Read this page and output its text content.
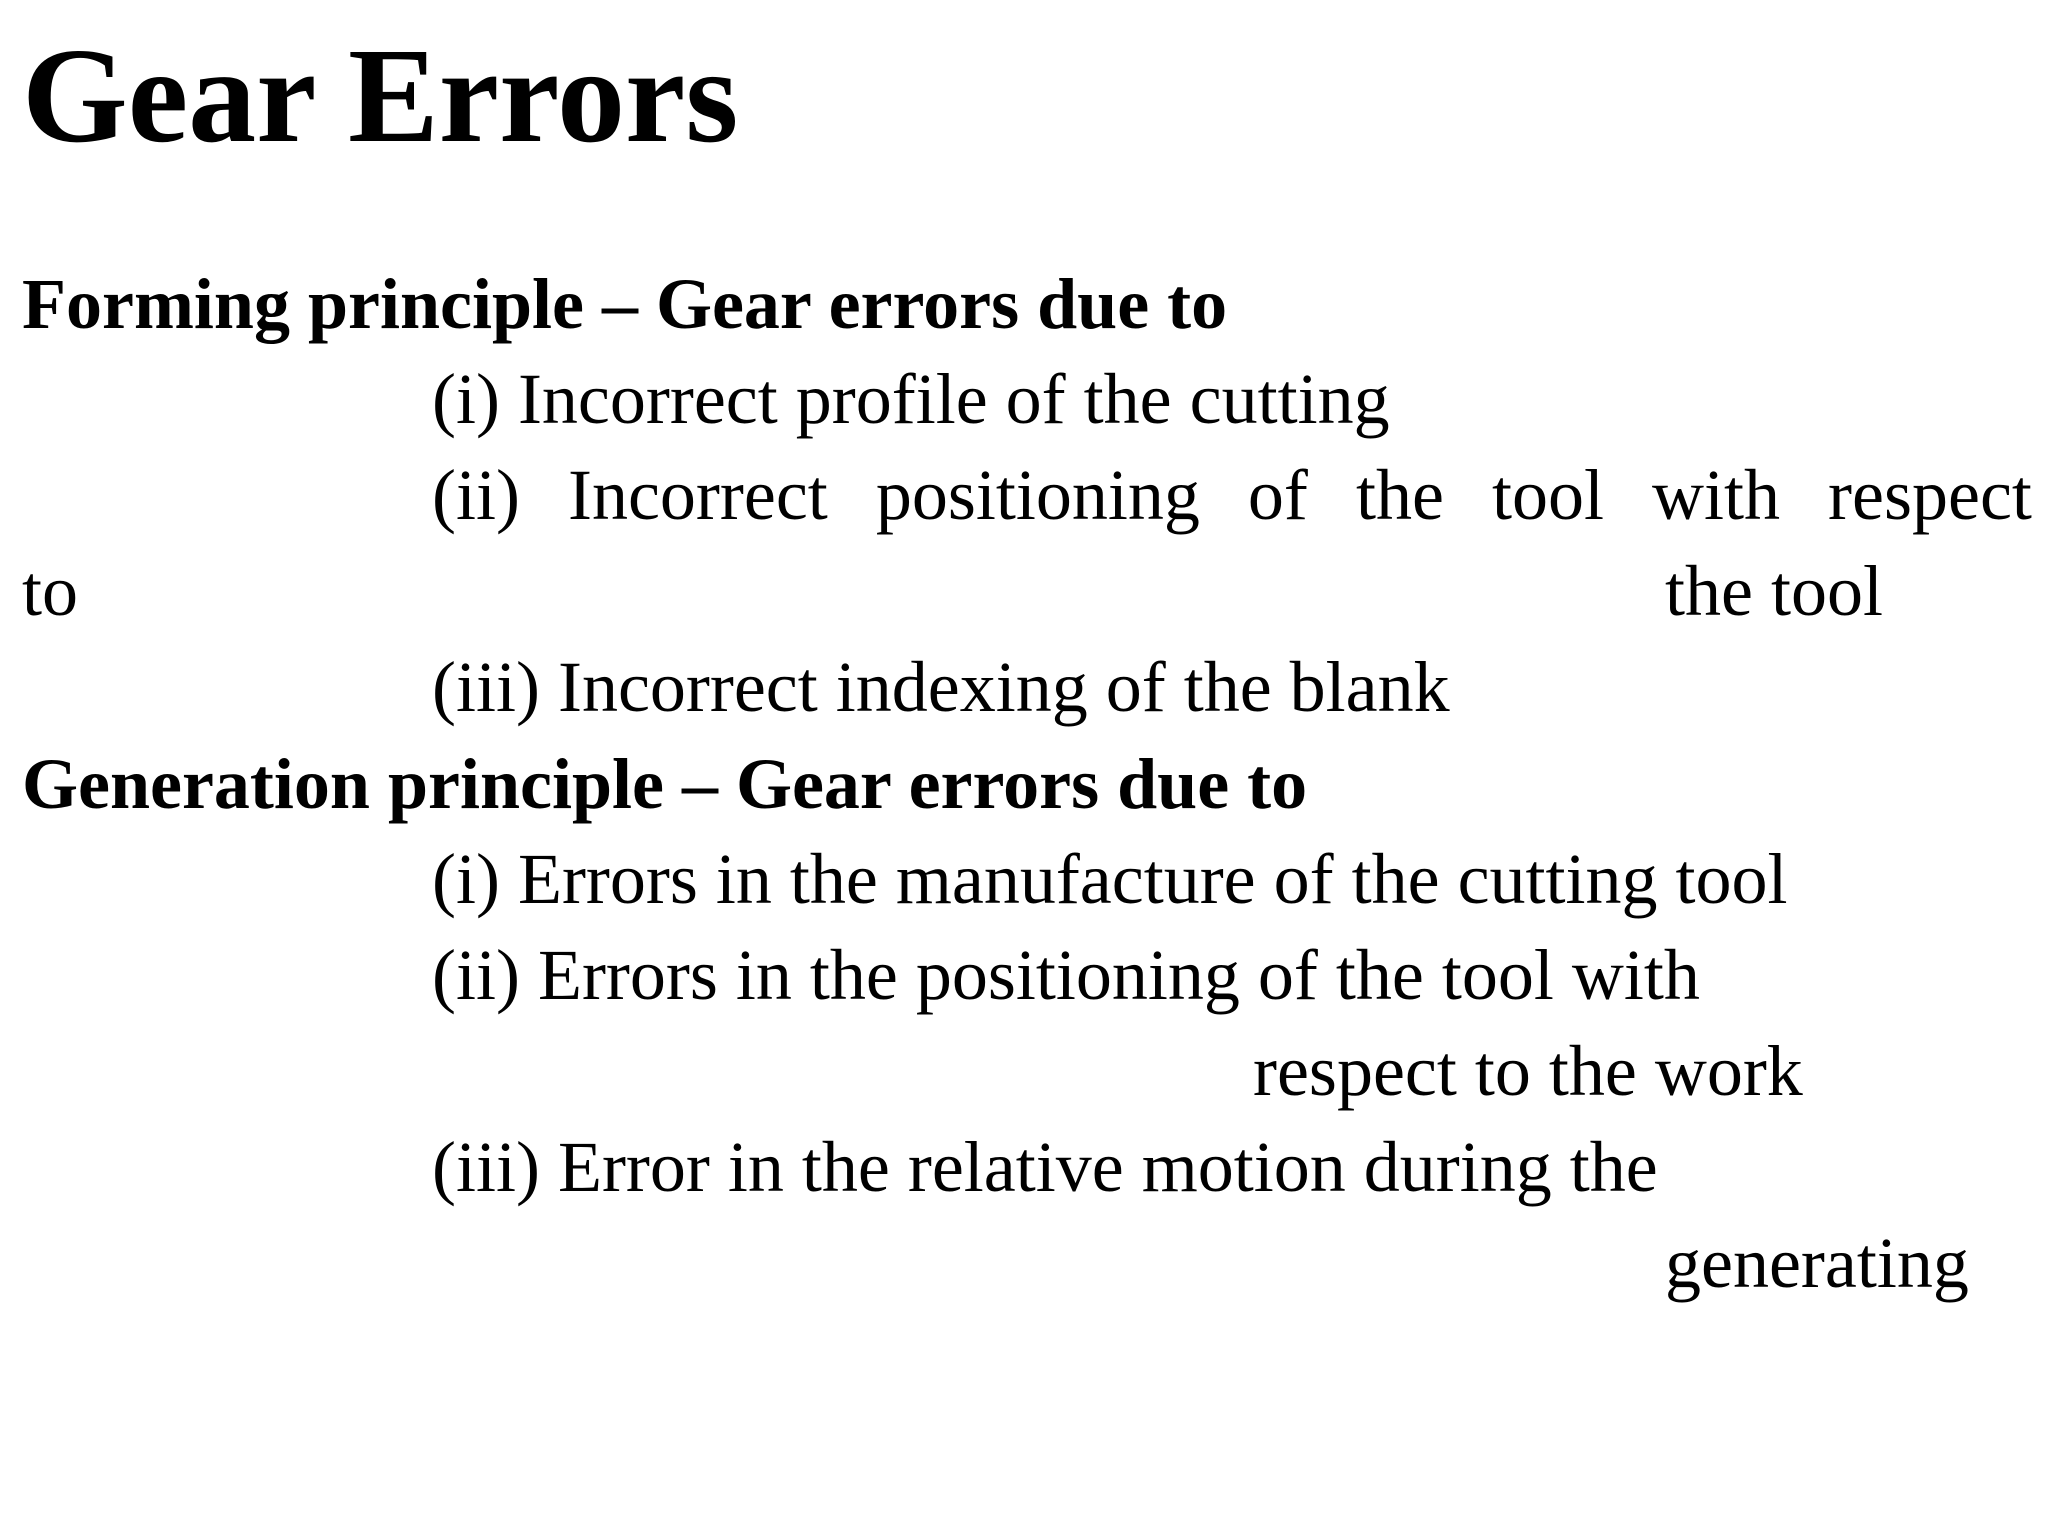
Gear Errors
Forming principle – Gear errors due to
(i) Incorrect profile of the cutting
(ii) Incorrect positioning of the tool with respect
to	the tool
(iii) Incorrect indexing of the blank
Generation principle – Gear errors due to
(i) Errors in the manufacture of the cutting tool
(ii) Errors in the positioning of the tool with
respect to the work
(iii) Error in the relative motion during the
generating
